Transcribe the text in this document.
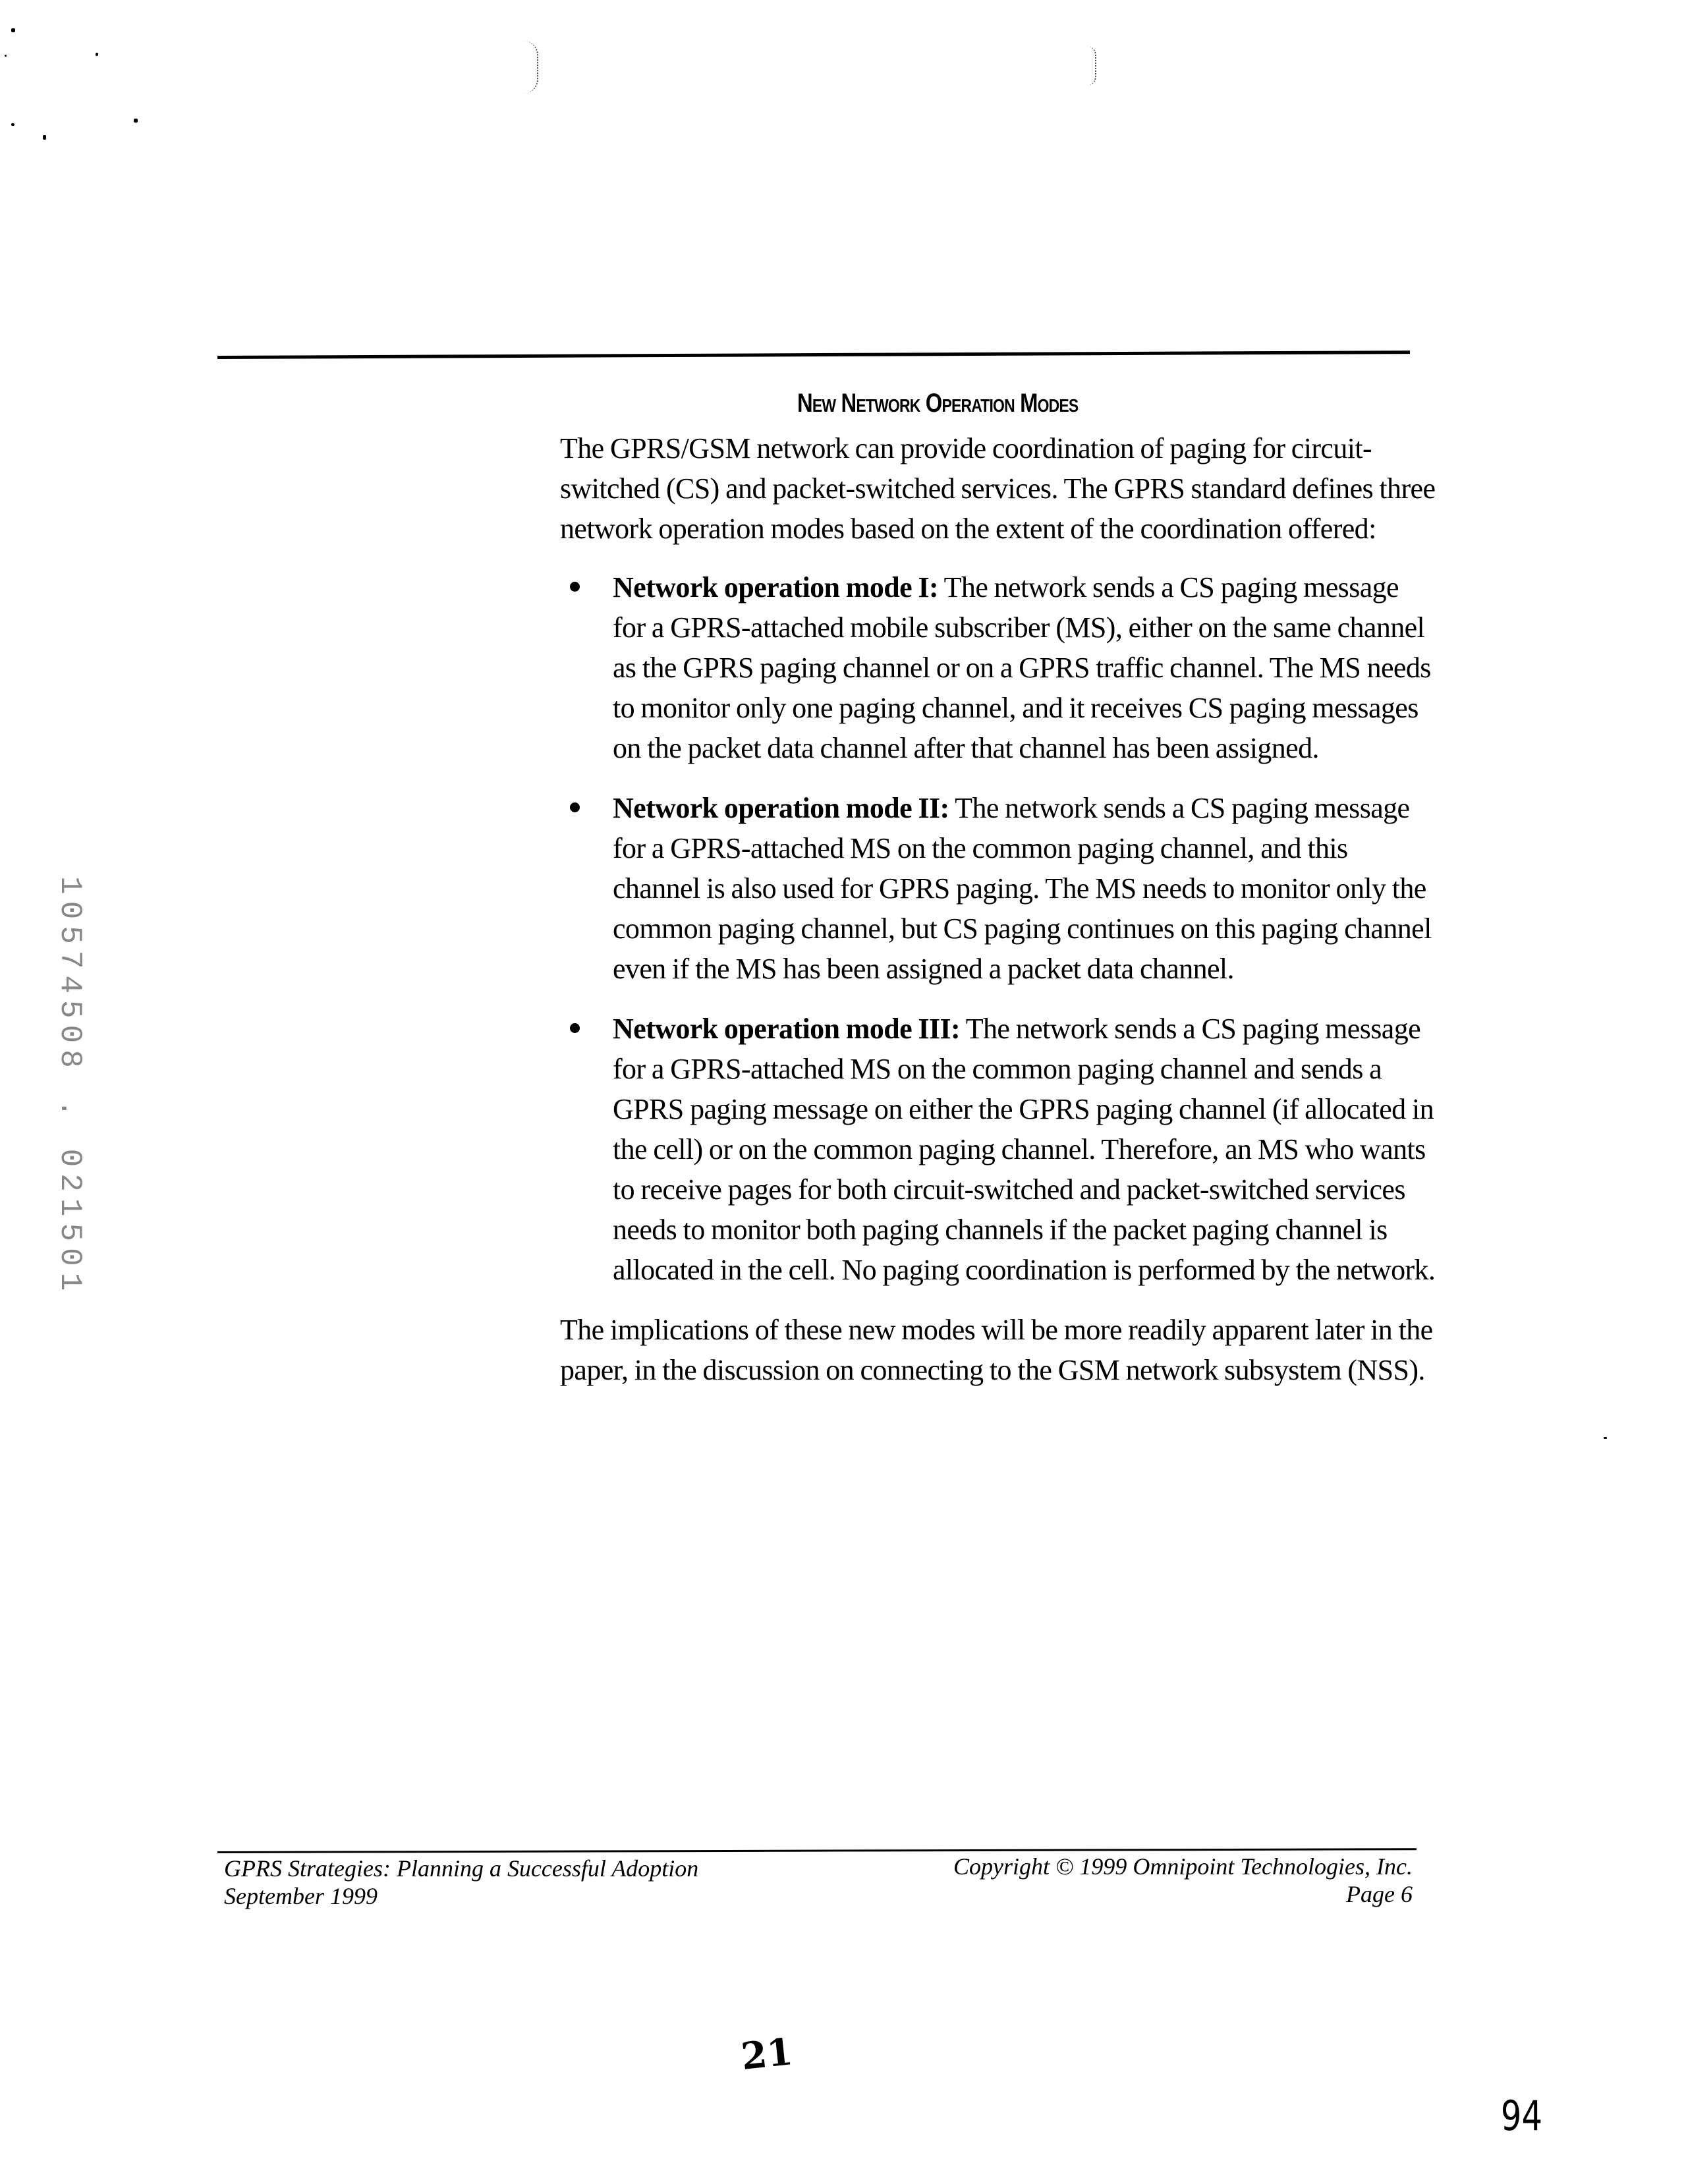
10574508 . 021501
New Network Operation Modes

The GPRS/GSM network can provide coordination of paging for circuit-switched (CS) and packet-switched services. The GPRS standard defines three network operation modes based on the extent of the coordination offered:

Network operation mode I: The network sends a CS paging message for a GPRS-attached mobile subscriber (MS), either on the same channel as the GPRS paging channel or on a GPRS traffic channel. The MS needs to monitor only one paging channel, and it receives CS paging messages on the packet data channel after that channel has been assigned.
Network operation mode II: The network sends a CS paging message for a GPRS-attached MS on the common paging channel, and this channel is also used for GPRS paging. The MS needs to monitor only the common paging channel, but CS paging continues on this paging channel even if the MS has been assigned a packet data channel.
Network operation mode III: The network sends a CS paging message for a GPRS-attached MS on the common paging channel and sends a GPRS paging message on either the GPRS paging channel (if allocated in the cell) or on the common paging channel. Therefore, an MS who wants to receive pages for both circuit-switched and packet-switched services needs to monitor both paging channels if the packet paging channel is allocated in the cell. No paging coordination is performed by the network.

The implications of these new modes will be more readily apparent later in the paper, in the discussion on connecting to the GSM network subsystem (NSS).

GPRS Strategies: Planning a Successful Adoption
September 1999
Copyright © 1999 Omnipoint Technologies, Inc.
Page 6
21
94
